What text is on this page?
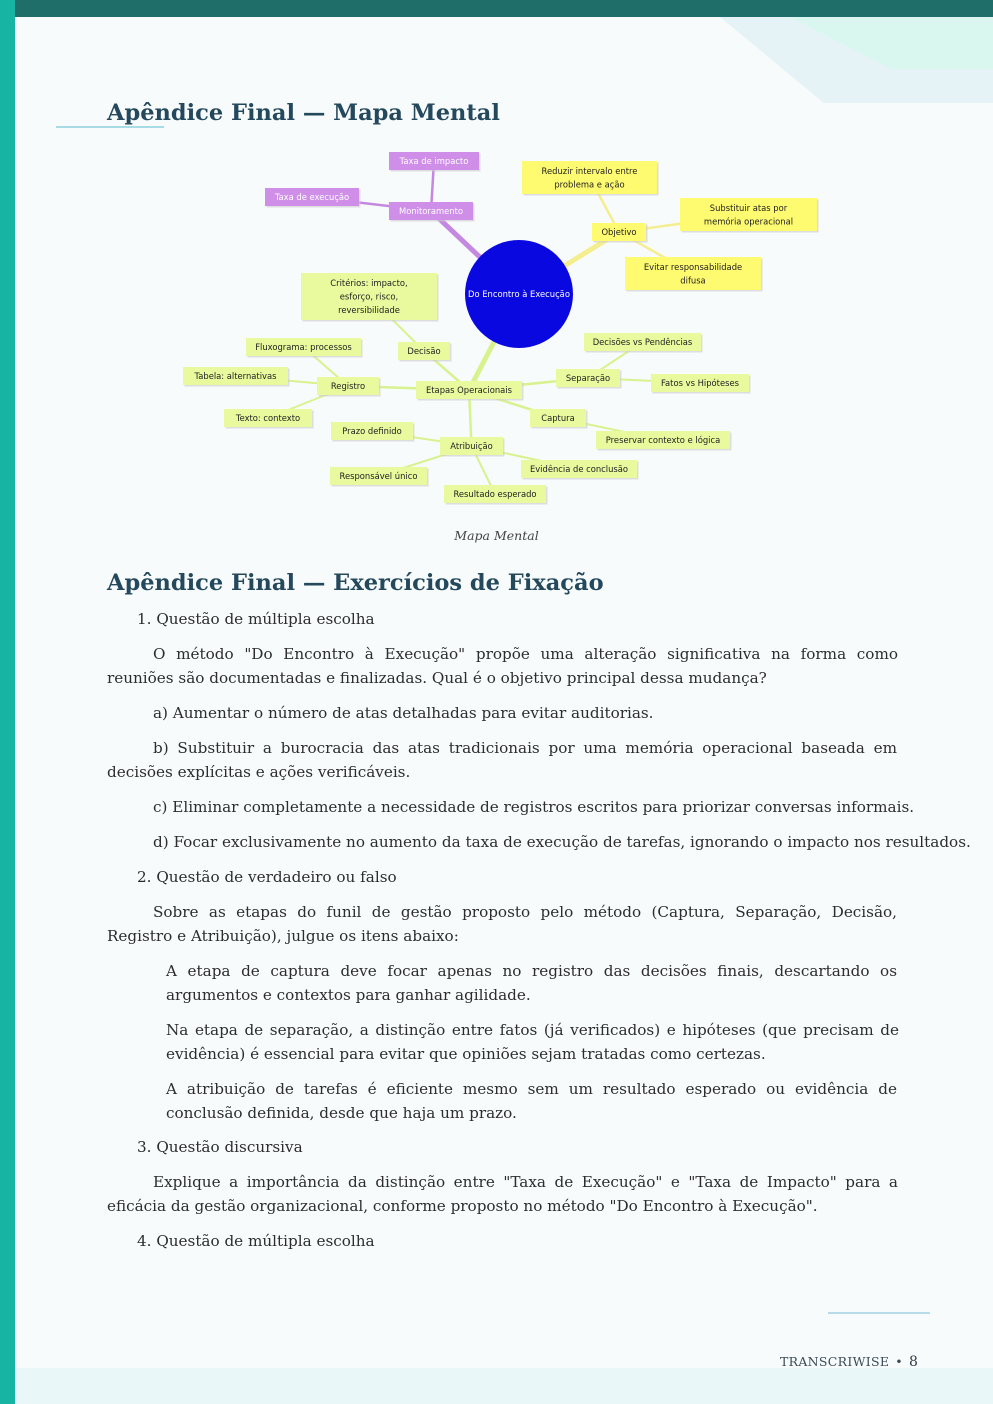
Apêndice Final — Mapa Mental
Do Encontro à Execução
Taxa de impacto
Taxa de execução
Monitoramento
Reduzir intervalo entre problema e ação
Substituir atas por memória operacional
Objetivo
Evitar responsabilidade difusa
Critérios: impacto, esforço, risco, reversibilidade
Decisão
Fluxograma: processos
Tabela: alternativas
Registro	Etapas Operacionais
Texto: contexto
Decisões vs Pendências
Separação	Fatos vs Hipóteses
Captura
Preservar contexto e lógica
Prazo definido
Atribuição
Responsável único
Evidência de conclusão
Resultado esperado
Mapa Mental
Apêndice Final — Exercícios de Fixação

1. Questão de múltipla escolha

O método "Do Encontro à Execução" propõe uma alteração significativa na forma como reuniões são documentadas e finalizadas. Qual é o objetivo principal dessa mudança?

a) Aumentar o número de atas detalhadas para evitar auditorias.

b) Substituir a burocracia das atas tradicionais por uma memória operacional baseada em decisões explícitas e ações verificáveis.

c) Eliminar completamente a necessidade de registros escritos para priorizar conversas informais.

d) Focar exclusivamente no aumento da taxa de execução de tarefas, ignorando o impacto nos resultados.

2. Questão de verdadeiro ou falso

Sobre as etapas do funil de gestão proposto pelo método (Captura, Separação, Decisão, Registro e Atribuição), julgue os itens abaixo:

A etapa de captura deve focar apenas no registro das decisões finais, descartando os argumentos e contextos para ganhar agilidade.

Na etapa de separação, a distinção entre fatos (já verificados) e hipóteses (que precisam de evidência) é essencial para evitar que opiniões sejam tratadas como certezas.

A atribuição de tarefas é eficiente mesmo sem um resultado esperado ou evidência de conclusão definida, desde que haja um prazo.

3. Questão discursiva

Explique a importância da distinção entre "Taxa de Execução" e "Taxa de Impacto" para a eficácia da gestão organizacional, conforme proposto no método "Do Encontro à Execução".

4. Questão de múltipla escolha

TRANSCRIWISE • 8
